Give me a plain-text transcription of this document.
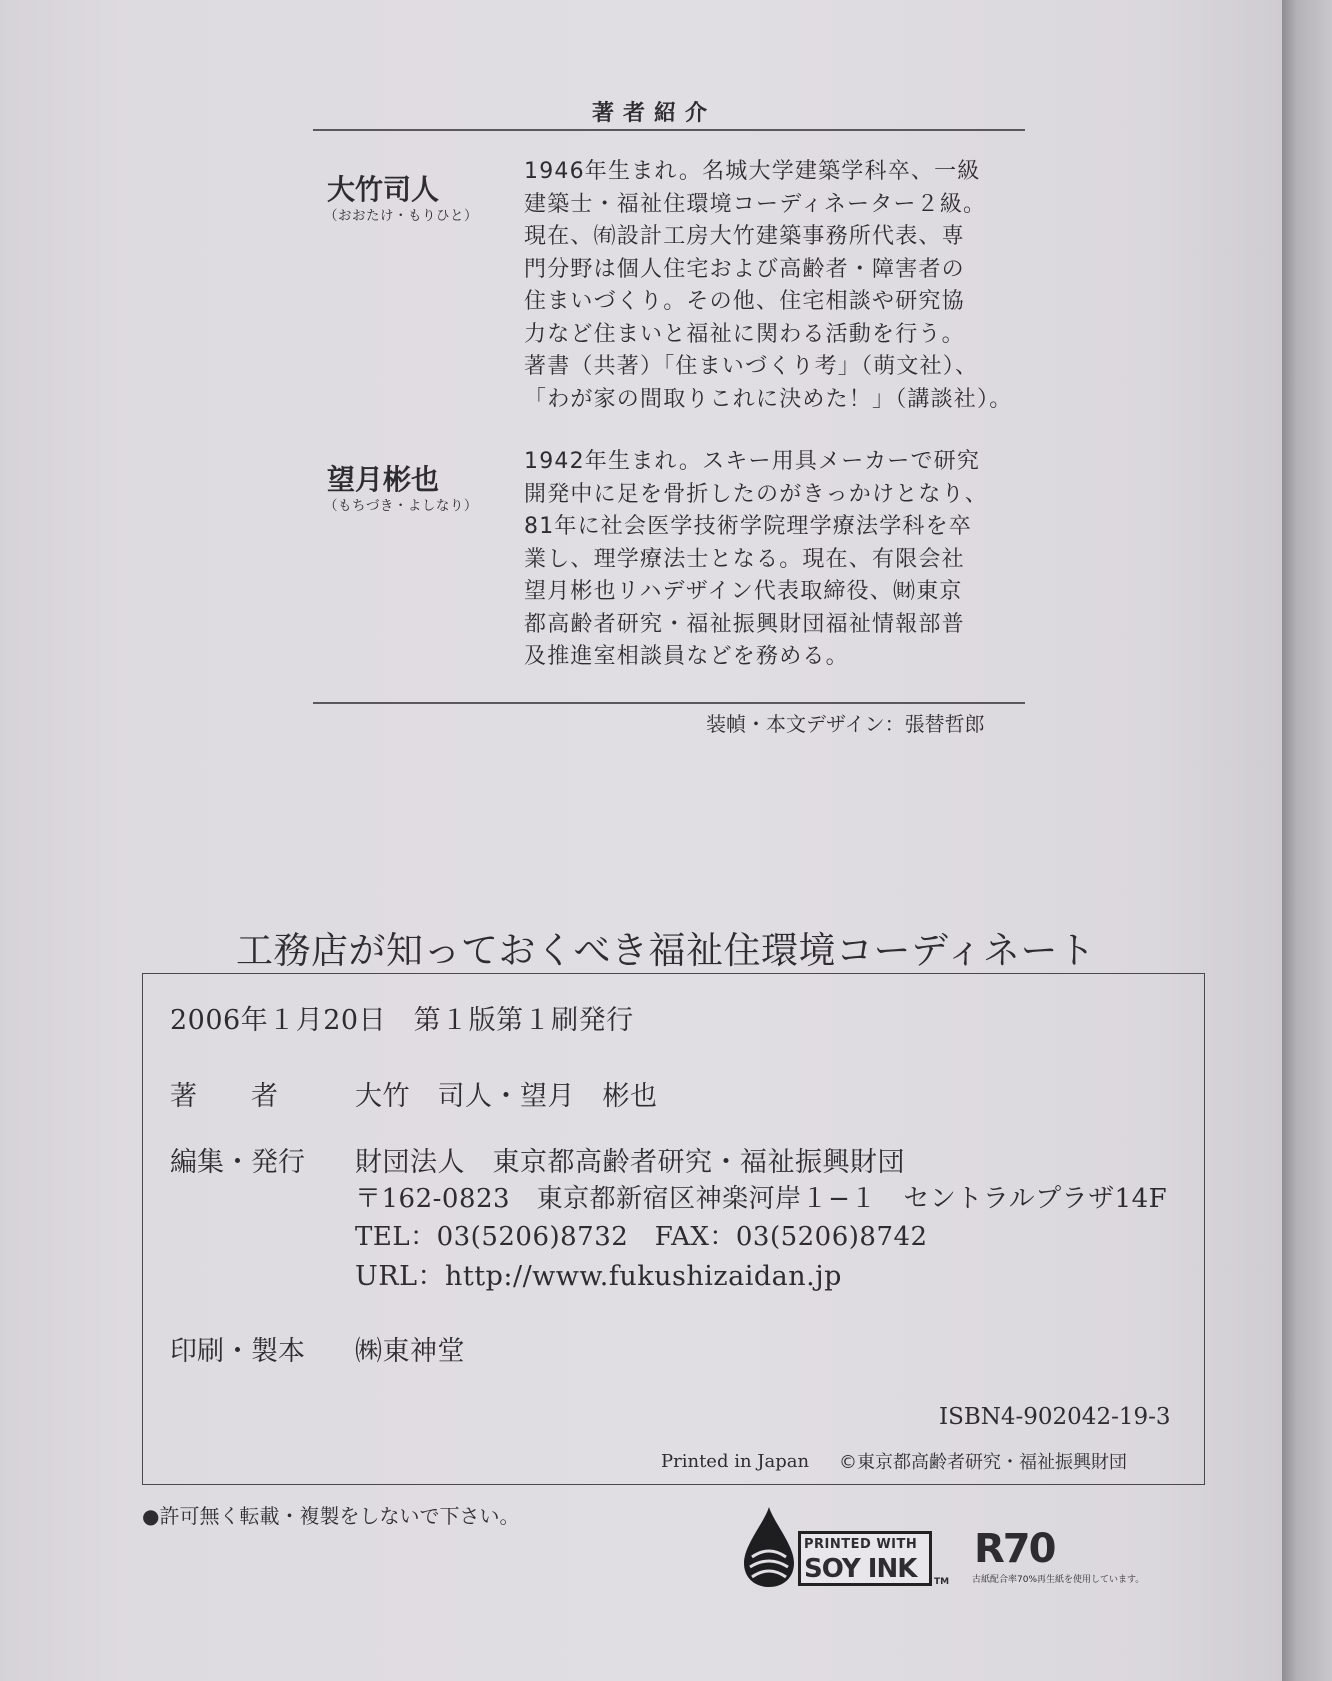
著者紹介
大竹司人
（おおたけ・もりひと）
1946年生まれ。名城大学建築学科卒、一級
建築士・福祉住環境コーディネーター２級。
現在、㈲設計工房大竹建築事務所代表、専
門分野は個人住宅および高齢者・障害者の
住まいづくり。その他、住宅相談や研究協
力など住まいと福祉に関わる活動を行う。
著書（共著）「住まいづくり考」（萌文社）、
「わが家の間取りこれに決めた！」（講談社）。
望月彬也
（もちづき・よしなり）
1942年生まれ。スキー用具メーカーで研究
開発中に足を骨折したのがきっかけとなり、
81年に社会医学技術学院理学療法学科を卒
業し、理学療法士となる。現在、有限会社
望月彬也リハデザイン代表取締役、㈶東京
都高齢者研究・福祉振興財団福祉情報部普
及推進室相談員などを務める。
装幀・本文デザイン：張替哲郎
工務店が知っておくべき福祉住環境コーディネート
2006年１月20日　第１版第１刷発行
著　　者	大竹　司人・望月　彬也
編集・発行 財団法人　東京都高齢者研究・福祉振興財団
〒162-0823　東京都新宿区神楽河岸１−１　セントラルプラザ14F
TEL：03(5206)8732　FAX：03(5206)8742
URL：http://www.fukushizaidan.jp
印刷・製本 ㈱東神堂
ISBN4-902042-19-3
Printed in Japan ©東京都高齢者研究・福祉振興財団
●許可無く転載・複製をしないで下さい。
PRINTED WITH
SOY INK TM
R70
古紙配合率70%再生紙を使用しています。
